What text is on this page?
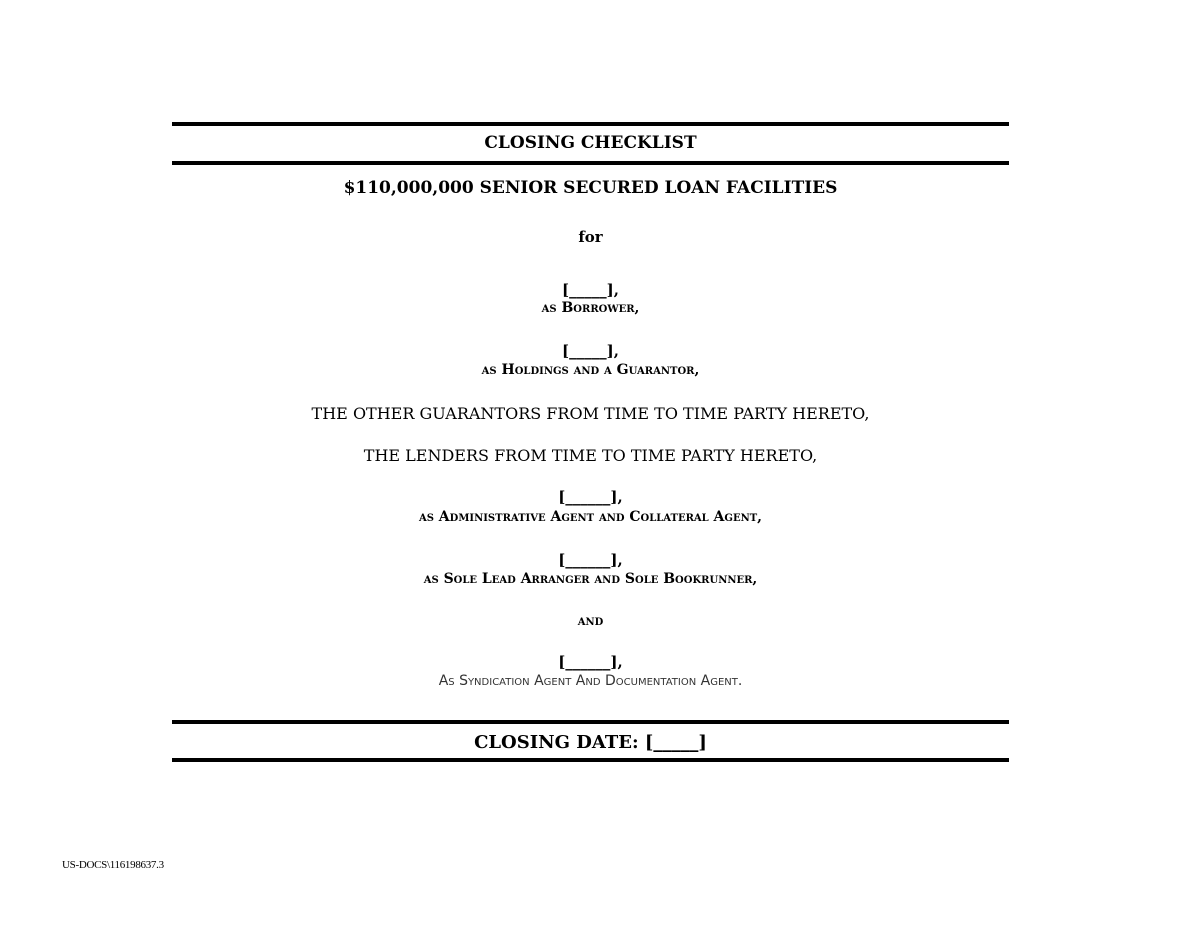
CLOSING CHECKLIST
$110,000,000 SENIOR SECURED LOAN FACILITIES
for
[_____],
as Borrower,
[_____],
as Holdings and a Guarantor,
THE OTHER GUARANTORS FROM TIME TO TIME PARTY HERETO,
THE LENDERS FROM TIME TO TIME PARTY HERETO,
[______],
as Administrative Agent and Collateral Agent,
[______],
as Sole Lead Arranger and Sole Bookrunner,
and
[______],
As Syndication Agent And Documentation Agent.
CLOSING DATE: [_____]
US-DOCS\116198637.3
